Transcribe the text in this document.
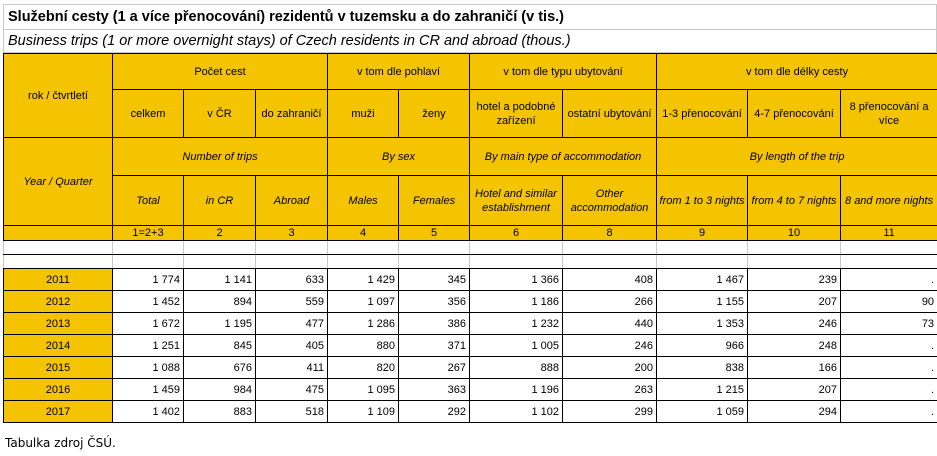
Služební cesty (1 a více přenocování) rezidentů v tuzemsku a do zahraničí (v tis.)
Business trips (1 or more overnight stays) of Czech residents in CR and abroad (thous.)
rok / čtvrtletí	Počet cest			v tom dle pohlaví		v tom dle typu ubytování		v tom dle délky cesty		
	celkem	v ČR	do zahraničí	muži	ženy	hotel a podobné zařízení	ostatní ubytování	1-3 přenocování	4-7 přenocování	8 přenocování a více
Year / Quarter	Number of trips			By sex		By main type of accommodation		By length of the trip		
	Total	in CR	Abroad	Males	Females	Hotel and similar establishment	Other accommodation	from 1 to 3 nights	from 4 to 7 nights	8 and more nights
	1=2+3	2	3	4	5	6	8	9	10	11

2011	1 774	1 141	633	1 429	345	1 366	408	1 467	239	.
2012	1 452	894	559	1 097	356	1 186	266	1 155	207	90
2013	1 672	1 195	477	1 286	386	1 232	440	1 353	246	73
2014	1 251	845	405	880	371	1 005	246	966	248	.
2015	1 088	676	411	820	267	888	200	838	166	.
2016	1 459	984	475	1 095	363	1 196	263	1 215	207	.
2017	1 402	883	518	1 109	292	1 102	299	1 059	294	.
Tabulka zdroj ČSÚ.
